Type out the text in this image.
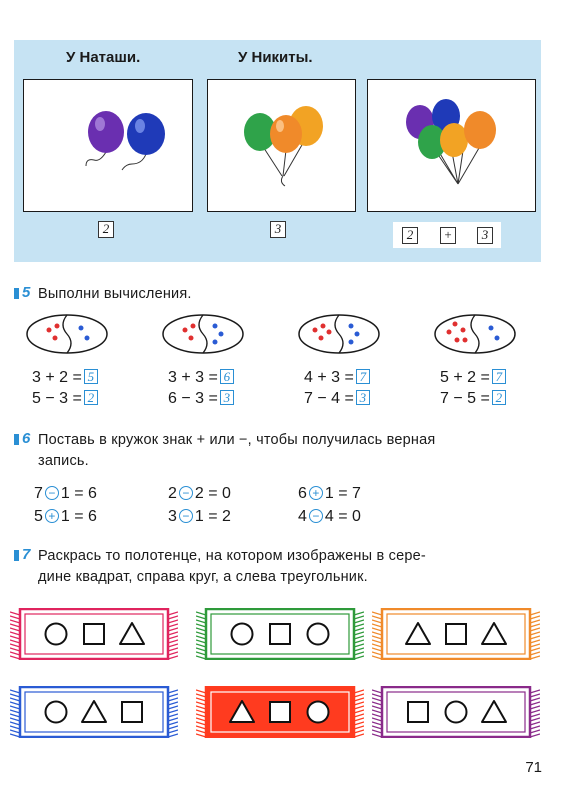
У Наташи.	У Никиты.
2	3	2	+	3
5 Выполни вычисления.
3 + 2 = 5
5 − 3 = 2
3 + 3 = 6
6 − 3 = 3
4 + 3 = 7
7 − 4 = 3
5 + 2 = 7
7 − 5 = 2
6 Поставь в кружок знак + или −, чтобы получилась верная
запись.
7 − 1 = 6
5 + 1 = 6
2 − 2 = 0
3 − 1 = 2
6 + 1 = 7
4 − 4 = 0
7 Раскрась то полотенце, на котором изображены в сере-
дине квадрат, справа круг, а слева треугольник.
71
